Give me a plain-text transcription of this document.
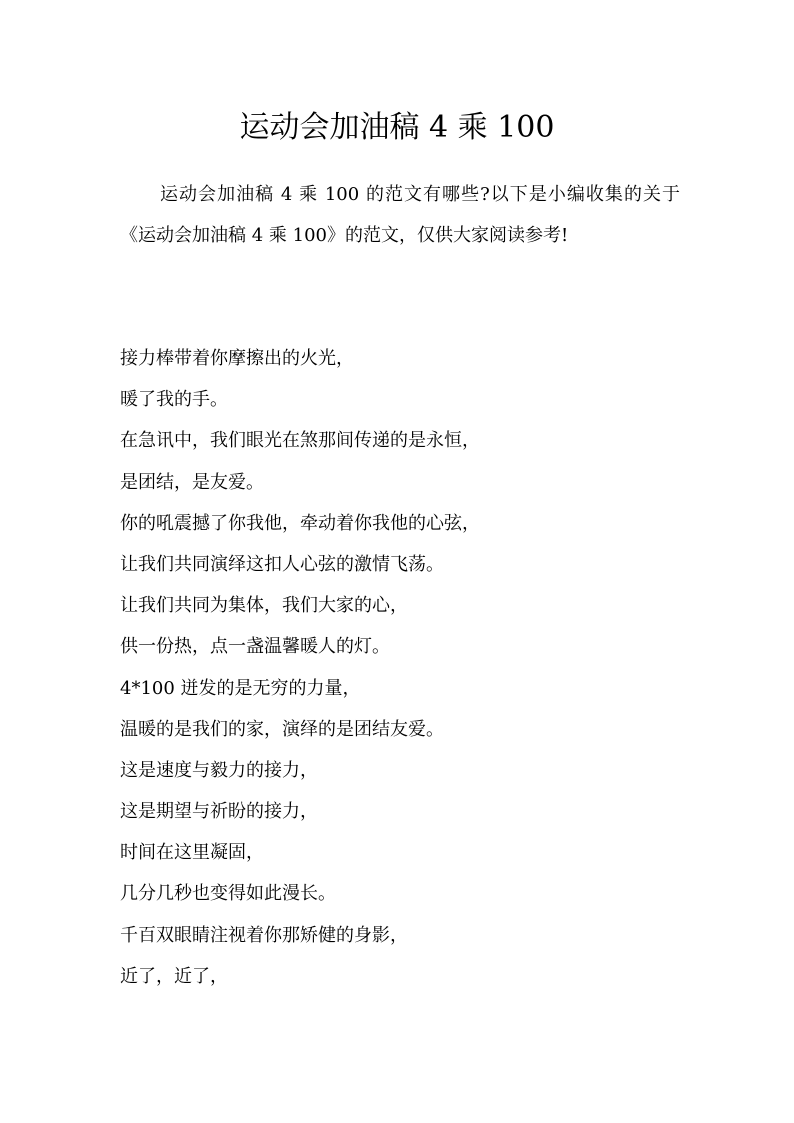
运动会加油稿 4 乘 100

运动会加油稿 4 乘 100 的范文有哪些?以下是小编收集的关于《运动会加油稿 4 乘 100》的范文，仅供大家阅读参考!

接力棒带着你摩擦出的火光，
暖了我的手。
在急讯中，我们眼光在煞那间传递的是永恒，
是团结，是友爱。
你的吼震撼了你我他，牵动着你我他的心弦，
让我们共同演绎这扣人心弦的激情飞荡。
让我们共同为集体，我们大家的心，
供一份热，点一盏温馨暖人的灯。
4*100 迸发的是无穷的力量，
温暖的是我们的家，演绎的是团结友爱。
这是速度与毅力的接力，
这是期望与祈盼的接力，
时间在这里凝固，
几分几秒也变得如此漫长。
千百双眼睛注视着你那矫健的身影，
近了，近了，
